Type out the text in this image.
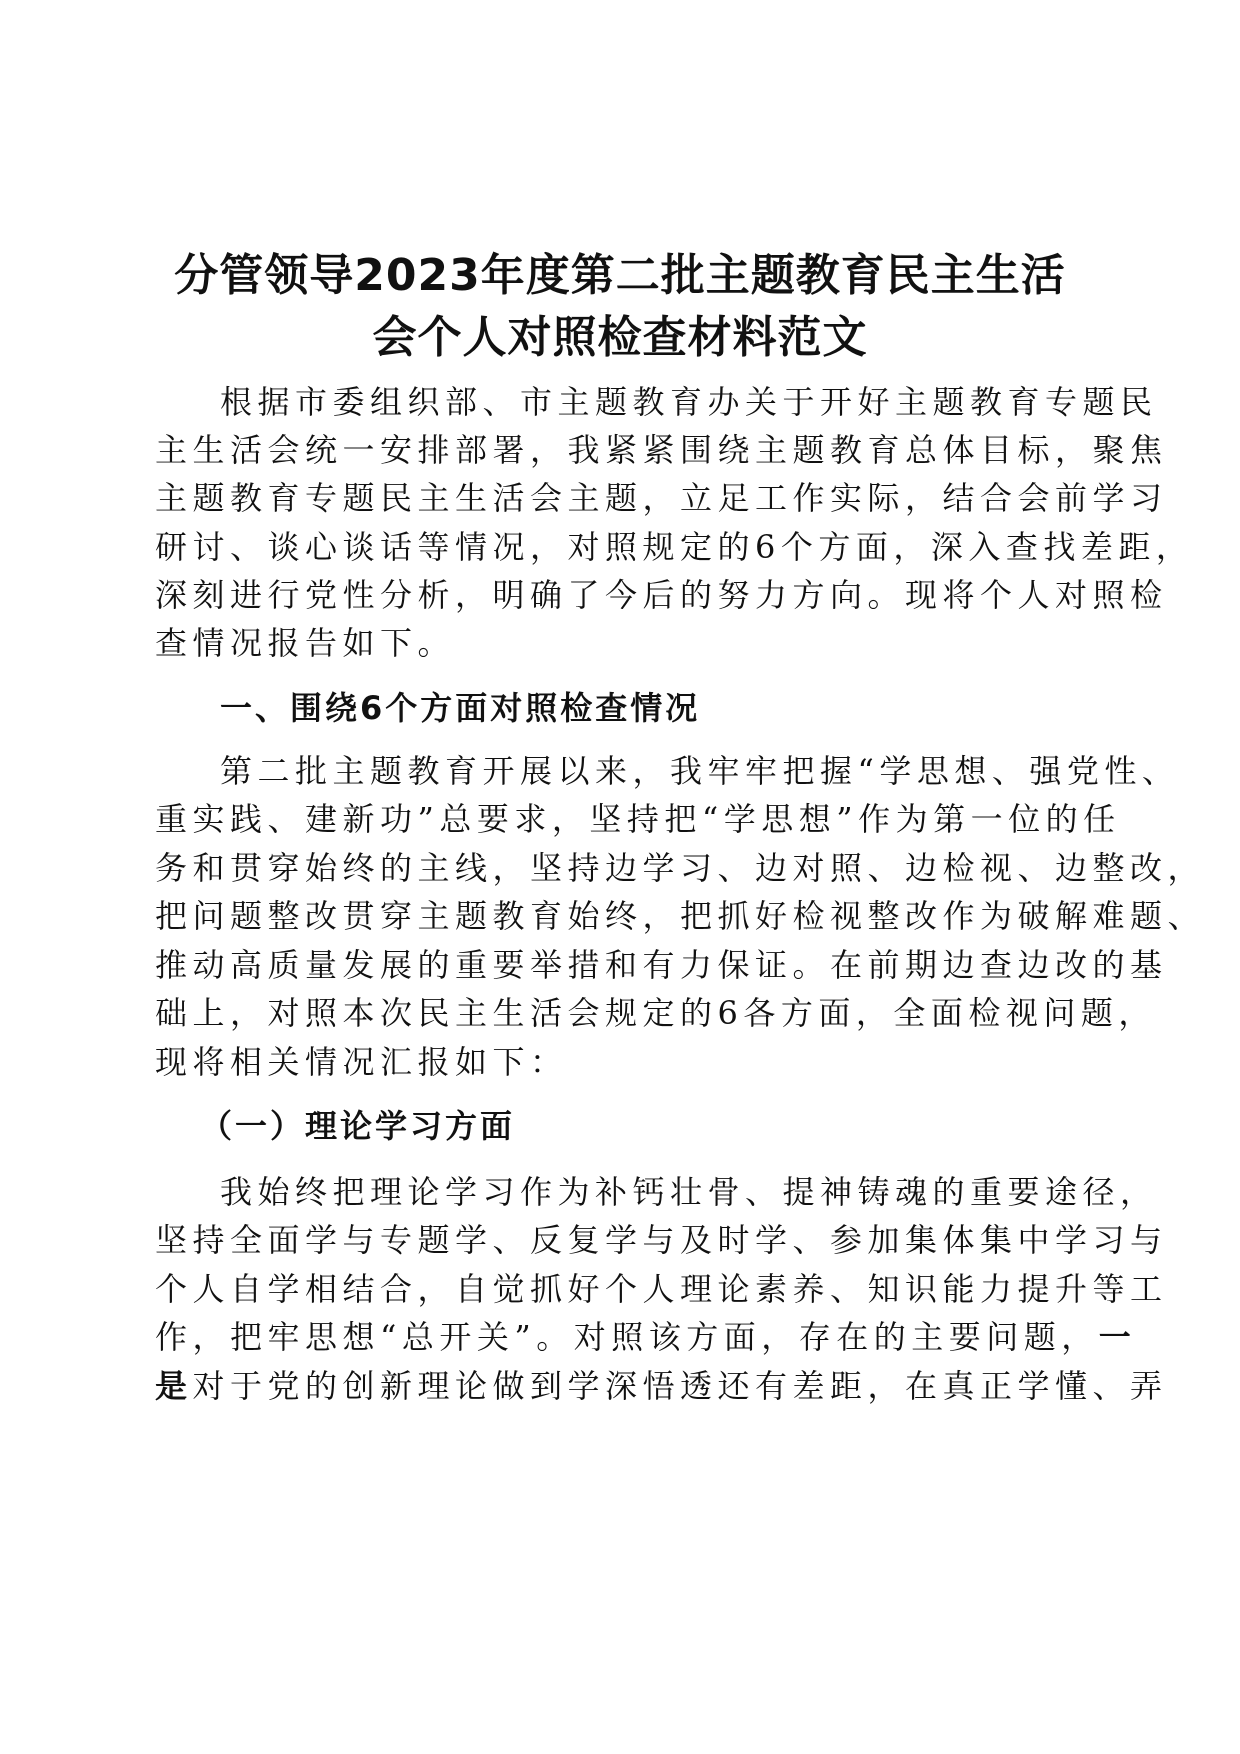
分管领导2023年度第二批主题教育民主生活
会个人对照检查材料范文
根据市委组织部、市主题教育办关于开好主题教育专题民
主生活会统一安排部署，我紧紧围绕主题教育总体目标，聚焦
主题教育专题民主生活会主题，立足工作实际，结合会前学习
研讨、谈心谈话等情况，对照规定的6个方面，深入查找差距，
深刻进行党性分析，明确了今后的努力方向。现将个人对照检
查情况报告如下。
一、围绕6个方面对照检查情况
第二批主题教育开展以来，我牢牢把握“学思想、强党性、
重实践、建新功”总要求，坚持把“学思想”作为第一位的任
务和贯穿始终的主线，坚持边学习、边对照、边检视、边整改，
把问题整改贯穿主题教育始终，把抓好检视整改作为破解难题、
推动高质量发展的重要举措和有力保证。在前期边查边改的基
础上，对照本次民主生活会规定的6各方面，全面检视问题，
现将相关情况汇报如下：
（一）理论学习方面
我始终把理论学习作为补钙壮骨、提神铸魂的重要途径，
坚持全面学与专题学、反复学与及时学、参加集体集中学习与
个人自学相结合，自觉抓好个人理论素养、知识能力提升等工
作，把牢思想“总开关”。对照该方面，存在的主要问题，一
是对于党的创新理论做到学深悟透还有差距，在真正学懂、弄
